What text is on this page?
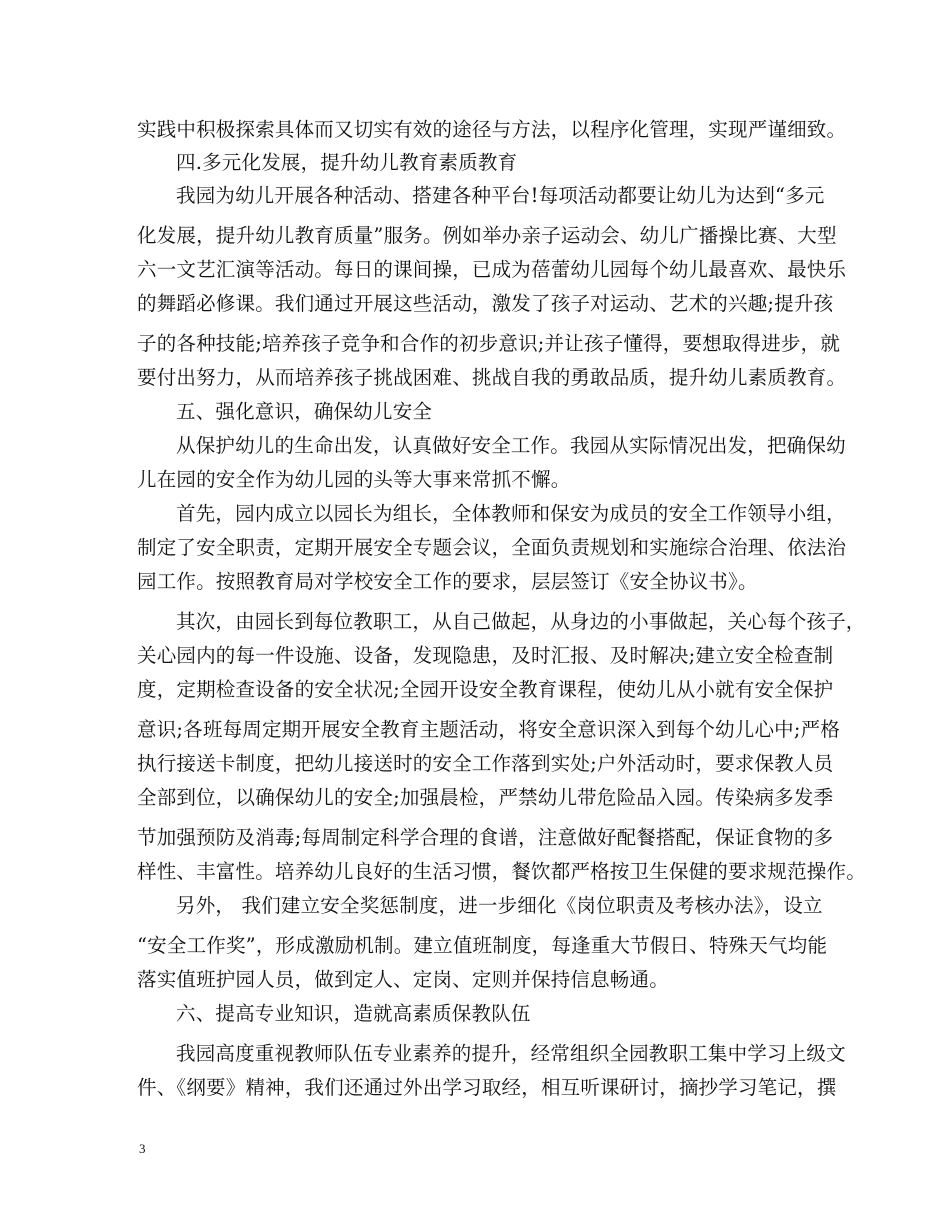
实践中积极探索具体而又切实有效的途径与方法，以程序化管理，实现严谨细致。
四.多元化发展，提升幼儿教育素质教育
我园为幼儿开展各种活动、搭建各种平台!每项活动都要让幼儿为达到“多元
化发展，提升幼儿教育质量”服务。例如举办亲子运动会、幼儿广播操比赛、大型
六一文艺汇演等活动。每日的课间操，已成为蓓蕾幼儿园每个幼儿最喜欢、最快乐
的舞蹈必修课。我们通过开展这些活动，激发了孩子对运动、艺术的兴趣;提升孩
子的各种技能;培养孩子竞争和合作的初步意识;并让孩子懂得，要想取得进步，就
要付出努力，从而培养孩子挑战困难、挑战自我的勇敢品质，提升幼儿素质教育。
五、强化意识，确保幼儿安全
从保护幼儿的生命出发，认真做好安全工作。我园从实际情况出发，把确保幼
儿在园的安全作为幼儿园的头等大事来常抓不懈。
首先，园内成立以园长为组长，全体教师和保安为成员的安全工作领导小组，
制定了安全职责，定期开展安全专题会议，全面负责规划和实施综合治理、依法治
园工作。按照教育局对学校安全工作的要求，层层签订《安全协议书》。
其次，由园长到每位教职工，从自己做起，从身边的小事做起，关心每个孩子，
关心园内的每一件设施、设备，发现隐患，及时汇报、及时解决;建立安全检查制
度，定期检查设备的安全状况;全园开设安全教育课程，使幼儿从小就有安全保护
意识;各班每周定期开展安全教育主题活动，将安全意识深入到每个幼儿心中;严格
执行接送卡制度，把幼儿接送时的安全工作落到实处;户外活动时，要求保教人员
全部到位，以确保幼儿的安全;加强晨检，严禁幼儿带危险品入园。传染病多发季
节加强预防及消毒;每周制定科学合理的食谱，注意做好配餐搭配，保证食物的多
样性、丰富性。培养幼儿良好的生活习惯，餐饮都严格按卫生保健的要求规范操作。
另外， 我们建立安全奖惩制度，进一步细化《岗位职责及考核办法》，设立
“安全工作奖”，形成激励机制。建立值班制度，每逢重大节假日、特殊天气均能
落实值班护园人员，做到定人、定岗、定则并保持信息畅通。
六、提高专业知识，造就高素质保教队伍
我园高度重视教师队伍专业素养的提升，经常组织全园教职工集中学习上级文
件、《纲要》精神，我们还通过外出学习取经，相互听课研讨，摘抄学习笔记，撰
3
